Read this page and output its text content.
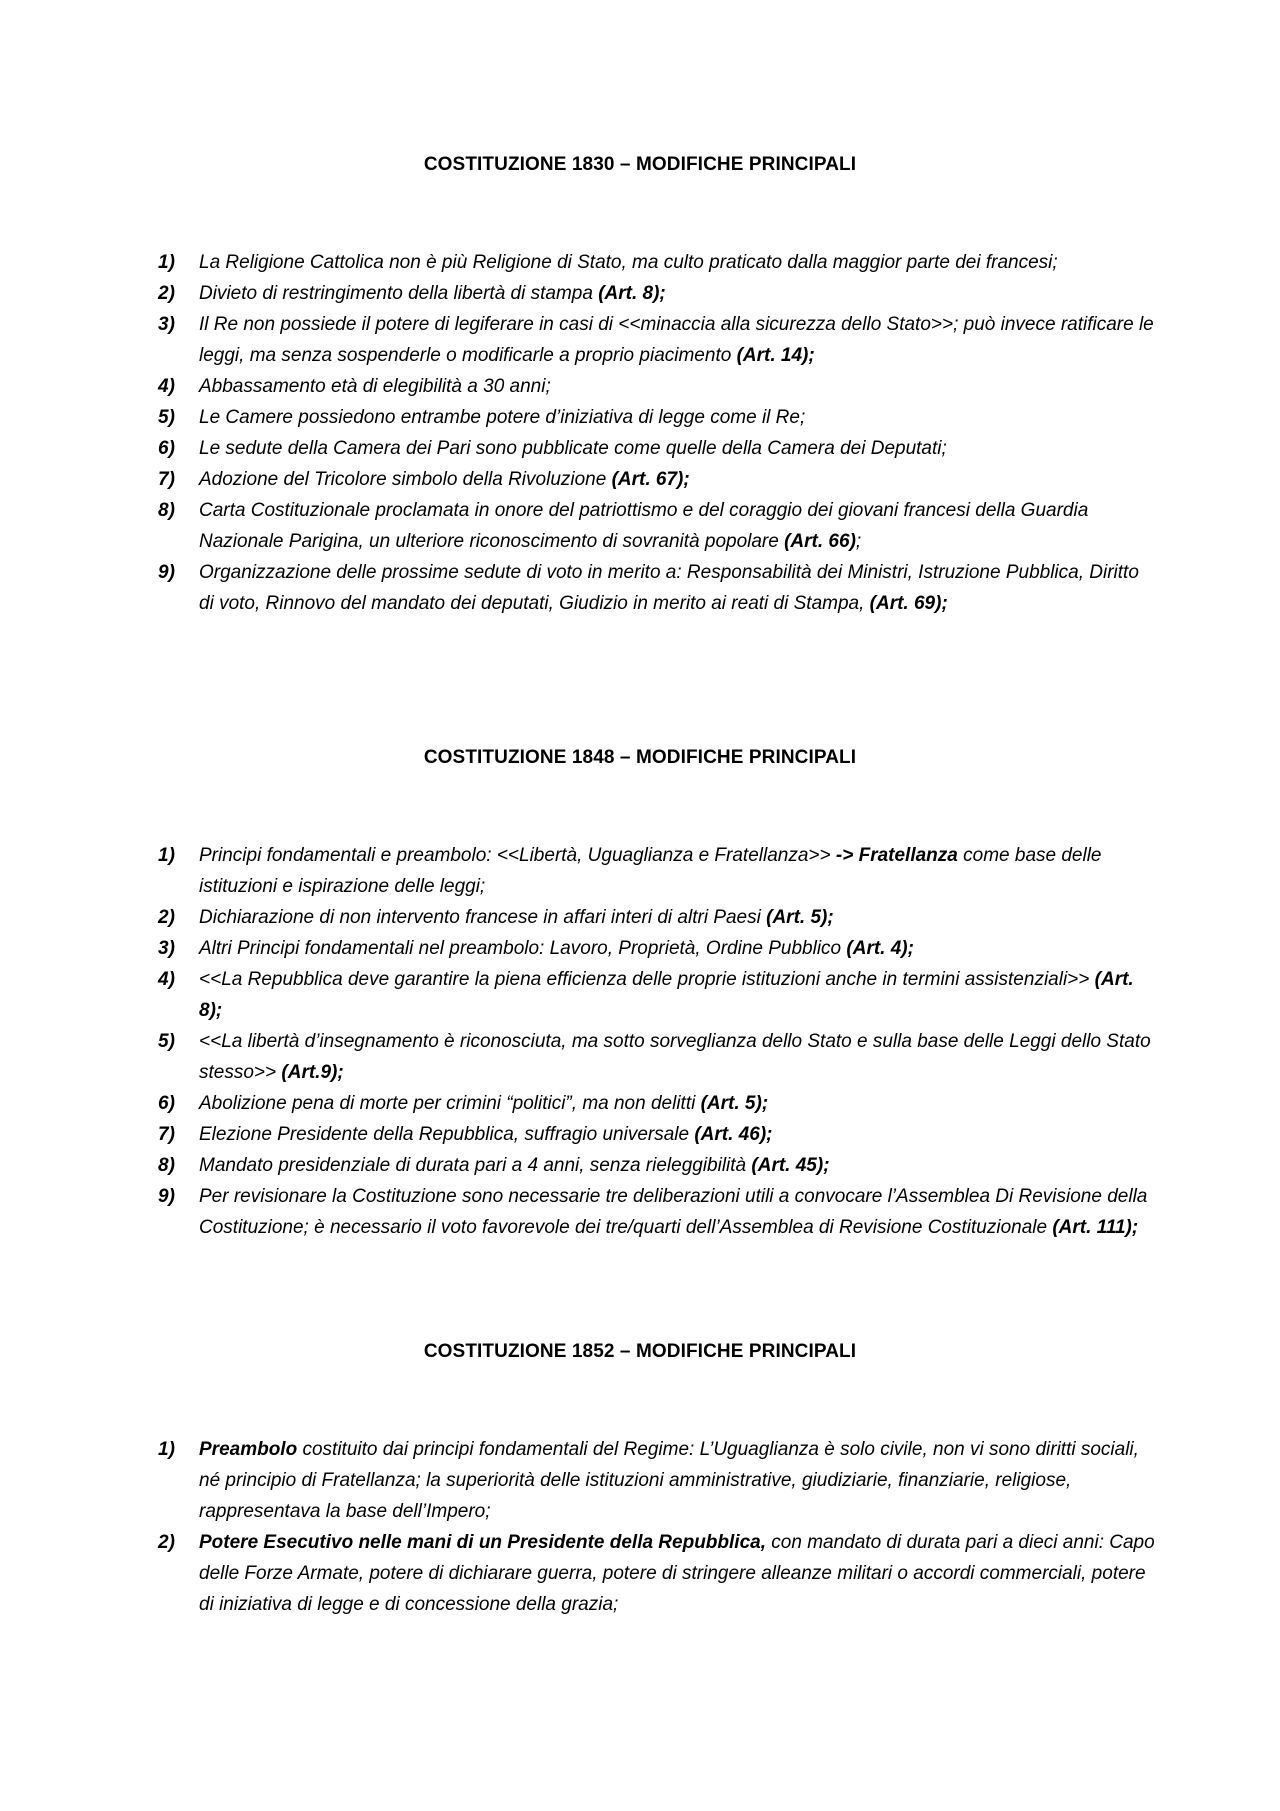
COSTITUZIONE 1830 – MODIFICHE PRINCIPALI
1) La Religione Cattolica non è più Religione di Stato, ma culto praticato dalla maggior parte dei francesi;
2) Divieto di restringimento della libertà di stampa (Art. 8);
3) Il Re non possiede il potere di legiferare in casi di <<minaccia alla sicurezza dello Stato>>; può invece ratificare le leggi, ma senza sospenderle o modificarle a proprio piacimento (Art. 14);
4) Abbassamento età di elegibilità a 30 anni;
5) Le Camere possiedono entrambe potere d’iniziativa di legge come il Re;
6) Le sedute della Camera dei Pari sono pubblicate come quelle della Camera dei Deputati;
7) Adozione del Tricolore simbolo della Rivoluzione (Art. 67);
8) Carta Costituzionale proclamata in onore del patriottismo e del coraggio dei giovani francesi della Guardia Nazionale Parigina, un ulteriore riconoscimento di sovranità popolare (Art. 66);
9) Organizzazione delle prossime sedute di voto in merito a: Responsabilità dei Ministri, Istruzione Pubblica, Diritto di voto, Rinnovo del mandato dei deputati, Giudizio in merito ai reati di Stampa, (Art. 69);
COSTITUZIONE 1848 – MODIFICHE PRINCIPALI
1) Principi fondamentali e preambolo: <<Libertà, Uguaglianza e Fratellanza>> -> Fratellanza come base delle istituzioni e ispirazione delle leggi;
2) Dichiarazione di non intervento francese in affari interi di altri Paesi (Art. 5);
3) Altri Principi fondamentali nel preambolo: Lavoro, Proprietà, Ordine Pubblico (Art. 4);
4) <<La Repubblica deve garantire la piena efficienza delle proprie istituzioni anche in termini assistenziali>> (Art. 8);
5) <<La libertà d’insegnamento è riconosciuta, ma sotto sorveglianza dello Stato e sulla base delle Leggi dello Stato stesso>> (Art.9);
6) Abolizione pena di morte per crimini “politici”, ma non delitti (Art. 5);
7) Elezione Presidente della Repubblica, suffragio universale (Art. 46);
8) Mandato presidenziale di durata pari a 4 anni, senza rieleggibilità (Art. 45);
9) Per revisionare la Costituzione sono necessarie tre deliberazioni utili a convocare l’Assemblea Di Revisione della Costituzione; è necessario il voto favorevole dei tre/quarti dell’Assemblea di Revisione Costituzionale (Art. 111);
COSTITUZIONE 1852 – MODIFICHE PRINCIPALI
1) Preambolo costituito dai principi fondamentali del Regime: L’Uguaglianza è solo civile, non vi sono diritti sociali, né principio di Fratellanza; la superiorità delle istituzioni amministrative, giudiziarie, finanziarie, religiose, rappresentava la base dell’Impero;
2) Potere Esecutivo nelle mani di un Presidente della Repubblica, con mandato di durata pari a dieci anni: Capo delle Forze Armate, potere di dichiarare guerra, potere di stringere alleanze militari o accordi commerciali, potere di iniziativa di legge e di concessione della grazia;
